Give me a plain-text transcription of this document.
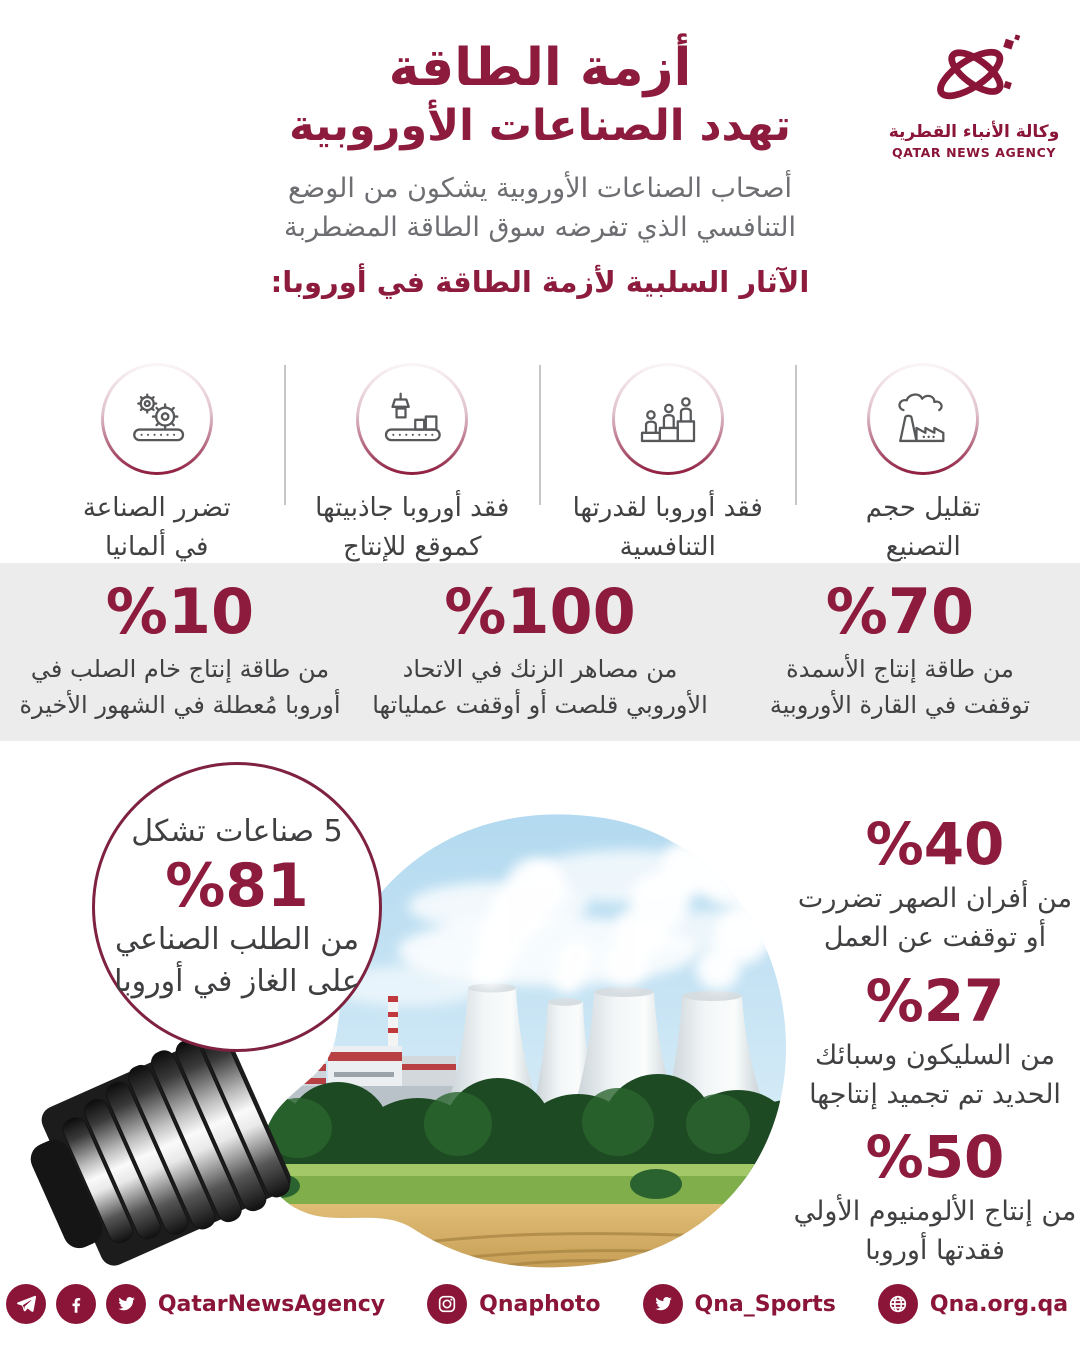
وكالة الأنباء القطرية
QATAR NEWS AGENCY
أزمة الطاقة
تهدد الصناعات الأوروبية
أصحاب الصناعات الأوروبية يشكون من الوضع
التنافسي الذي تفرضه سوق الطاقة المضطربة
الآثار السلبية لأزمة الطاقة في أوروبا:
تقليل حجم
التصنيع
فقد أوروبا لقدرتها
التنافسية
فقد أوروبا جاذبيتها
كموقع للإنتاج
تضرر الصناعة
في ألمانيا
%70
من طاقة إنتاج الأسمدة
توقفت في القارة الأوروبية
%100
من مصاهر الزنك في الاتحاد
الأوروبي قلصت أو أوقفت عملياتها
%10
من طاقة إنتاج خام الصلب في
أوروبا مُعطلة في الشهور الأخيرة
5 صناعات تشكل
%81
من الطلب الصناعي
على الغاز في أوروبا
%40
من أفران الصهر تضررت
أو توقفت عن العمل
%27
من السليكون وسبائك
الحديد تم تجميد إنتاجها
%50
من إنتاج الألومنيوم الأولي
فقدتها أوروبا
QatarNewsAgency	Qnaphoto	Qna_Sports	Qna.org.qa
